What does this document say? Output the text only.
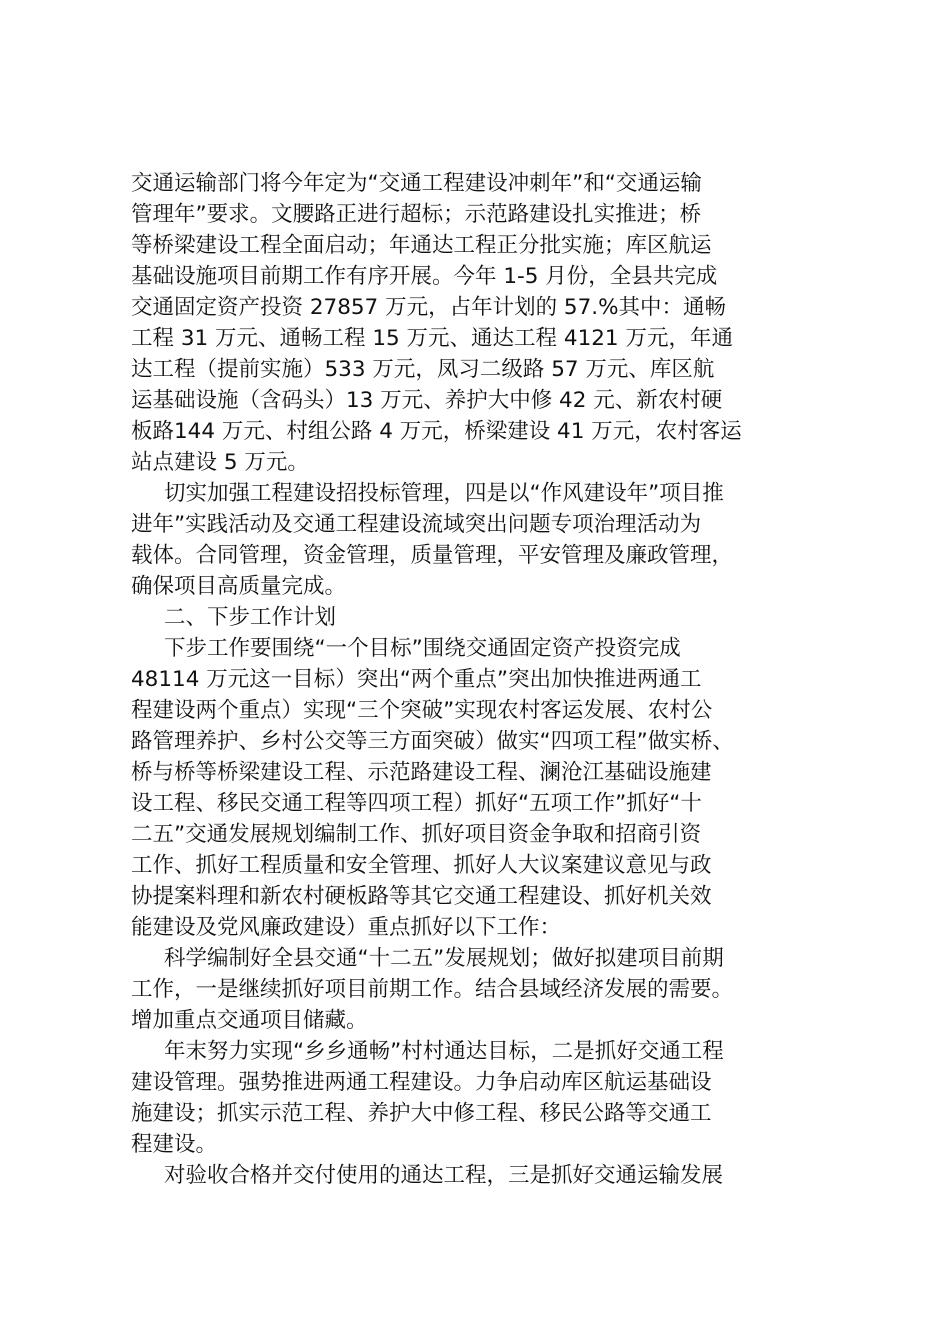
交通运输部门将今年定为“交通工程建设冲刺年”和“交通运输
管理年”要求。文腰路正进行超标；示范路建设扎实推进；桥
等桥梁建设工程全面启动；年通达工程正分批实施；库区航运
基础设施项目前期工作有序开展。今年 1-5 月份，全县共完成
交通固定资产投资 27857 万元，占年计划的 57.%其中：通畅
工程 31 万元、通畅工程 15 万元、通达工程 4121 万元，年通
达工程（提前实施）533 万元，凤习二级路 57 万元、库区航
运基础设施（含码头）13 万元、养护大中修 42 元、新农村硬
板路144 万元、村组公路 4 万元，桥梁建设 41 万元，农村客运
站点建设 5 万元。
切实加强工程建设招投标管理，四是以“作风建设年”项目推
进年”实践活动及交通工程建设流域突出问题专项治理活动为
载体。合同管理，资金管理，质量管理，平安管理及廉政管理，
确保项目高质量完成。
二、下步工作计划
下步工作要围绕“一个目标”围绕交通固定资产投资完成
48114 万元这一目标）突出“两个重点”突出加快推进两通工
程建设两个重点）实现“三个突破”实现农村客运发展、农村公
路管理养护、乡村公交等三方面突破）做实“四项工程”做实桥、
桥与桥等桥梁建设工程、示范路建设工程、澜沧江基础设施建
设工程、移民交通工程等四项工程）抓好“五项工作”抓好“十
二五”交通发展规划编制工作、抓好项目资金争取和招商引资
工作、抓好工程质量和安全管理、抓好人大议案建议意见与政
协提案料理和新农村硬板路等其它交通工程建设、抓好机关效
能建设及党风廉政建设）重点抓好以下工作：
科学编制好全县交通“十二五”发展规划；做好拟建项目前期
工作，一是继续抓好项目前期工作。结合县域经济发展的需要。
增加重点交通项目储藏。
年末努力实现“乡乡通畅”村村通达目标，二是抓好交通工程
建设管理。强势推进两通工程建设。力争启动库区航运基础设
施建设；抓实示范工程、养护大中修工程、移民公路等交通工
程建设。
对验收合格并交付使用的通达工程，三是抓好交通运输发展
